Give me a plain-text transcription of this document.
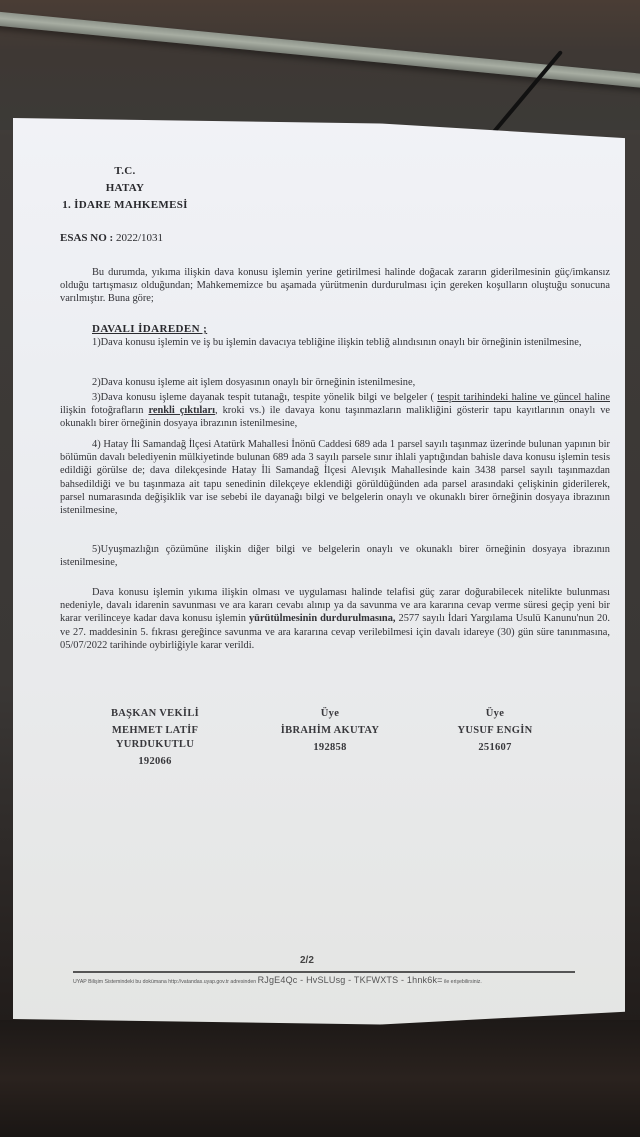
T.C.
HATAY
1. İDARE MAHKEMESİ
ESAS NO : 2022/1031
Bu durumda, yıkıma ilişkin dava konusu işlemin yerine getirilmesi halinde doğacak zararın giderilmesinin güç/imkansız olduğu tartışmasız olduğundan; Mahkememizce bu aşamada yürütmenin durdurulması için gereken koşulların oluştuğu sonucuna varılmıştır. Buna göre;
DAVALI İDAREDEN ;
1)Dava konusu işlemin ve iş bu işlemin davacıya tebliğine ilişkin tebliğ alındısının onaylı bir örneğinin istenilmesine,
2)Dava konusu işleme ait işlem dosyasının onaylı bir örneğinin istenilmesine,
3)Dava konusu işleme dayanak tespit tutanağı, tespite yönelik bilgi ve belgeler ( tespit tarihindeki haline ve güncel haline ilişkin fotoğrafların renkli çıktıları, kroki vs.) ile davaya konu taşınmazların malikliğini gösterir tapu kayıtlarının onaylı ve okunaklı birer örneğinin dosyaya ibrazının istenilmesine,
4) Hatay İli Samandağ İlçesi Atatürk Mahallesi İnönü Caddesi 689 ada 1 parsel sayılı taşınmaz üzerinde bulunan yapının bir bölümün davalı belediyenin mülkiyetinde bulunan 689 ada 3 sayılı parsele sınır ihlali yaptığından bahisle dava konusu işlemin tesis edildiği görülse de; dava dilekçesinde Hatay İli Samandağ İlçesi Alevışık Mahallesinde kain 3438 parsel sayılı taşınmazdan bahsedildiği ve bu taşınmaza ait tapu senedinin dilekçeye eklendiği görüldüğünden ada parsel arasındaki çelişkinin giderilerek, parsel numarasında değişiklik var ise sebebi ile dayanağı bilgi ve belgelerin onaylı ve okunaklı birer örneğinin dosyaya ibrazının istenilmesine,
5)Uyuşmazlığın çözümüne ilişkin diğer bilgi ve belgelerin onaylı ve okunaklı birer örneğinin dosyaya ibrazının istenilmesine,
Dava konusu işlemin yıkıma ilişkin olması ve uygulaması halinde telafisi güç zarar doğurabilecek nitelikte bulunması nedeniyle, davalı idarenin savunması ve ara kararı cevabı alınıp ya da savunma ve ara kararına cevap verme süresi geçip yeni bir karar verilinceye kadar dava konusu işlemin yürütülmesinin durdurulmasına, 2577 sayılı İdari Yargılama Usulü Kanunu'nun 20. ve 27. maddesinin 5. fıkrası gereğince savunma ve ara kararına cevap verilebilmesi için davalı idareye (30) gün süre tanınmasına, 05/07/2022 tarihinde oybirliğiyle karar verildi.
BAŞKAN VEKİLİ
MEHMET LATİF
YURDUKUTLU
192066
Üye
İBRAHİM AKUTAY
192858
Üye
YUSUF ENGİN
251607
2/2
UYAP Bilişim Sistemindeki bu dokümana http://vatandas.uyap.gov.tr adresinden RJgE4Qc - HvSLUsg - TKFWXTS - 1hnk6k= ile erişebilirsiniz.
